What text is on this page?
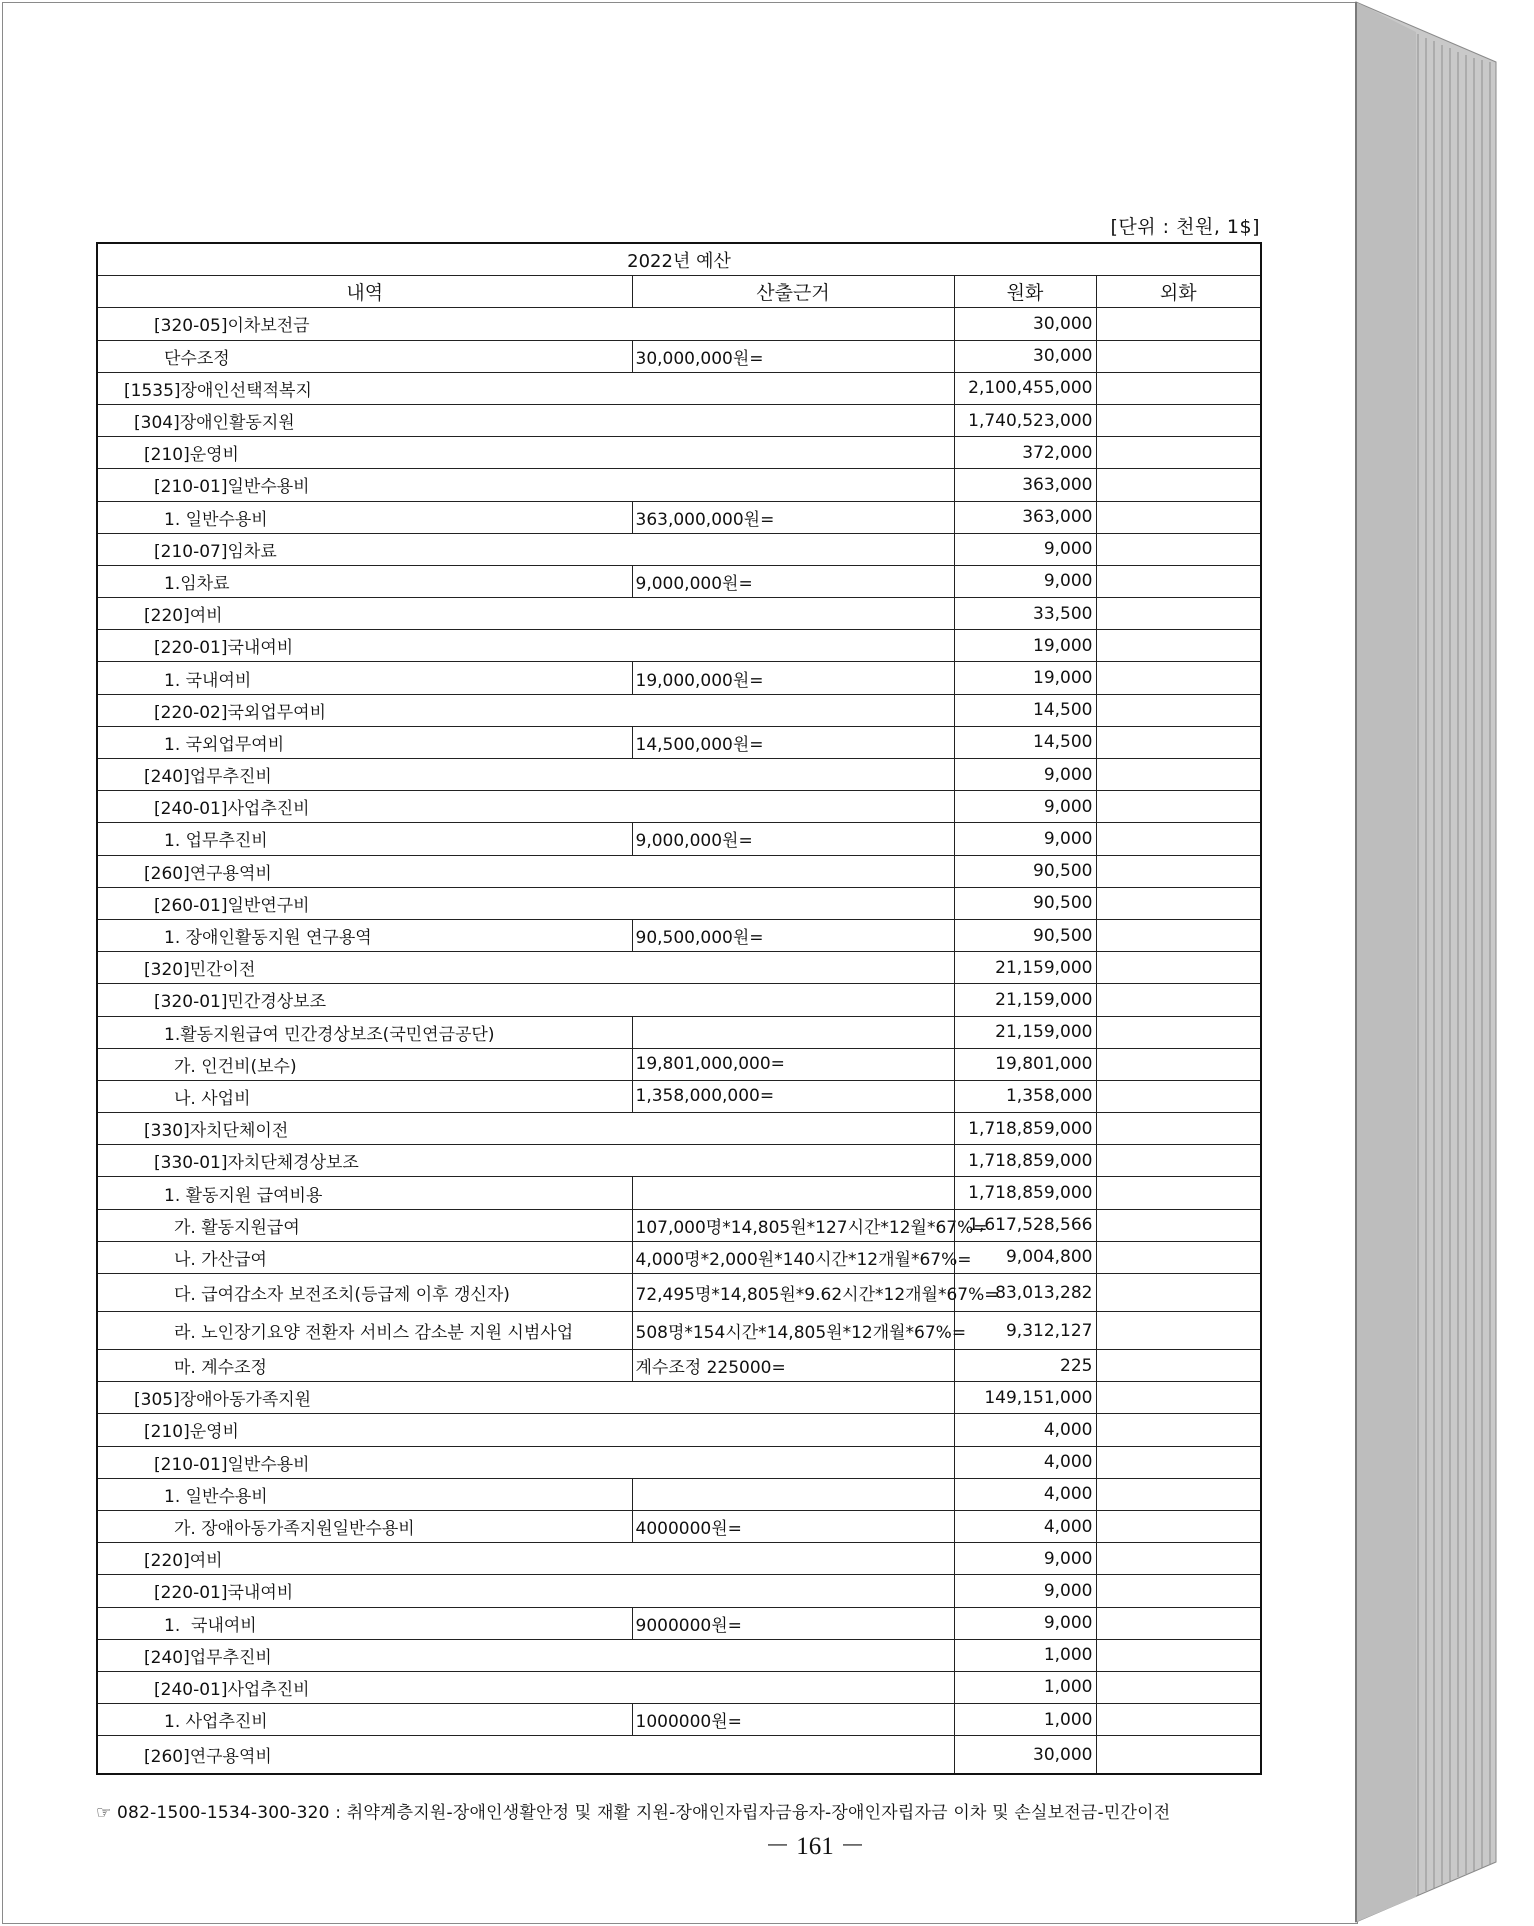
[단위 : 천원, 1$]
2022년 예산			
내역	산출근거	원화	외화
[320-05]이차보전금		30,000	
단수조정	30,000,000원=	30,000	
[1535]장애인선택적복지		2,100,455,000	
[304]장애인활동지원		1,740,523,000	
[210]운영비		372,000	
[210-01]일반수용비		363,000	
1. 일반수용비	363,000,000원=	363,000	
[210-07]임차료		9,000	
1.임차료	9,000,000원=	9,000	
[220]여비		33,500	
[220-01]국내여비		19,000	
1. 국내여비	19,000,000원=	19,000	
[220-02]국외업무여비		14,500	
1. 국외업무여비	14,500,000원=	14,500	
[240]업무추진비		9,000	
[240-01]사업추진비		9,000	
1. 업무추진비	9,000,000원=	9,000	
[260]연구용역비		90,500	
[260-01]일반연구비		90,500	
1. 장애인활동지원 연구용역	90,500,000원=	90,500	
[320]민간이전		21,159,000	
[320-01]민간경상보조		21,159,000	
1.활동지원급여 민간경상보조(국민연금공단)		21,159,000	
가. 인건비(보수)	19,801,000,000=	19,801,000	
나. 사업비	1,358,000,000=	1,358,000	
[330]자치단체이전		1,718,859,000	
[330-01]자치단체경상보조		1,718,859,000	
1. 활동지원 급여비용		1,718,859,000	
가. 활동지원급여	107,000명*14,805원*127시간*12월*67%=	1,617,528,566	
나. 가산급여	4,000명*2,000원*140시간*12개월*67%=	9,004,800	
다. 급여감소자 보전조치(등급제 이후 갱신자)	72,495명*14,805원*9.62시간*12개월*67%=	83,013,282	
라. 노인장기요양 전환자 서비스 감소분 지원 시범사업	508명*154시간*14,805원*12개월*67%=	9,312,127	
마. 계수조정	계수조정 225000=	225	
[305]장애아동가족지원		149,151,000	
[210]운영비		4,000	
[210-01]일반수용비		4,000	
1. 일반수용비		4,000	
가. 장애아동가족지원일반수용비	4000000원=	4,000	
[220]여비		9,000	
[220-01]국내여비		9,000	
1.  국내여비	9000000원=	9,000	
[240]업무추진비		1,000	
[240-01]사업추진비		1,000	
1. 사업추진비	1000000원=	1,000	
[260]연구용역비		30,000	
☞ 082-1500-1534-300-320 : 취약계층지원-장애인생활안정 및 재활 지원-장애인자립자금융자-장애인자립자금 이차 및 손실보전금-민간이전
－ 161 －
